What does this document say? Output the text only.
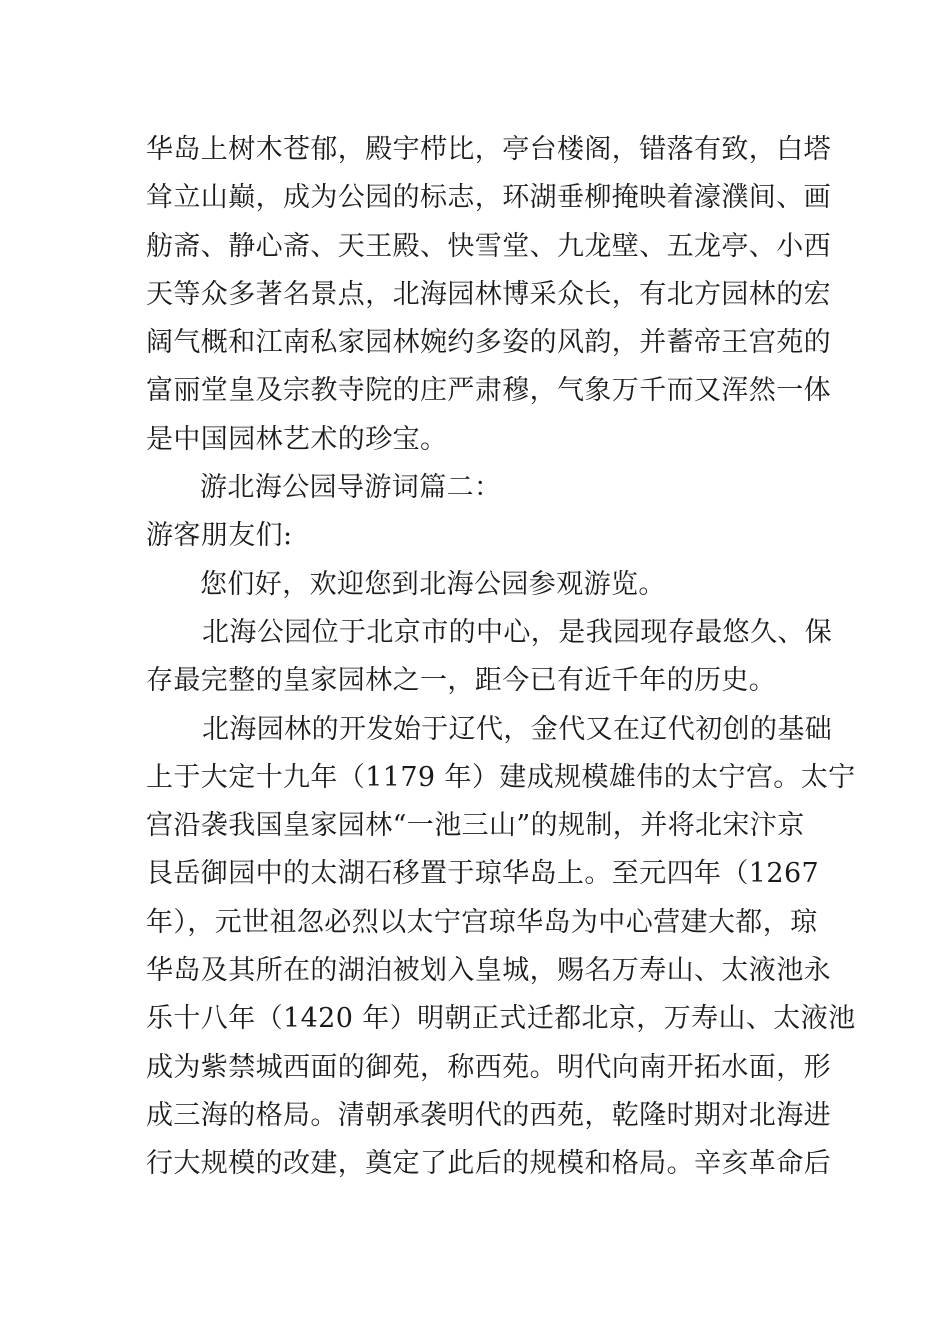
华岛上树木苍郁，殿宇栉比，亭台楼阁，错落有致，白塔
耸立山巅，成为公园的标志，环湖垂柳掩映着濠濮间、画
舫斋、静心斋、天王殿、快雪堂、九龙壁、五龙亭、小西
天等众多著名景点，北海园林博采众长，有北方园林的宏
阔气概和江南私家园林婉约多姿的风韵，并蓄帝王宫苑的
富丽堂皇及宗教寺院的庄严肃穆，气象万千而又浑然一体
是中国园林艺术的珍宝。
游北海公园导游词篇二：
游客朋友们:
您们好，欢迎您到北海公园参观游览。
北海公园位于北京市的中心，是我园现存最悠久、保
存最完整的皇家园林之一，距今已有近千年的历史。
北海园林的开发始于辽代，金代又在辽代初创的基础
上于大定十九年（1179 年）建成规模雄伟的太宁宫。太宁
宫沿袭我国皇家园林“一池三山”的规制，并将北宋汴京
艮岳御园中的太湖石移置于琼华岛上。至元四年（1267
年），元世祖忽必烈以太宁宫琼华岛为中心营建大都，琼
华岛及其所在的湖泊被划入皇城，赐名万寿山、太液池永
乐十八年（1420 年）明朝正式迁都北京，万寿山、太液池
成为紫禁城西面的御苑，称西苑。明代向南开拓水面，形
成三海的格局。清朝承袭明代的西苑，乾隆时期对北海进
行大规模的改建，奠定了此后的规模和格局。辛亥革命后
